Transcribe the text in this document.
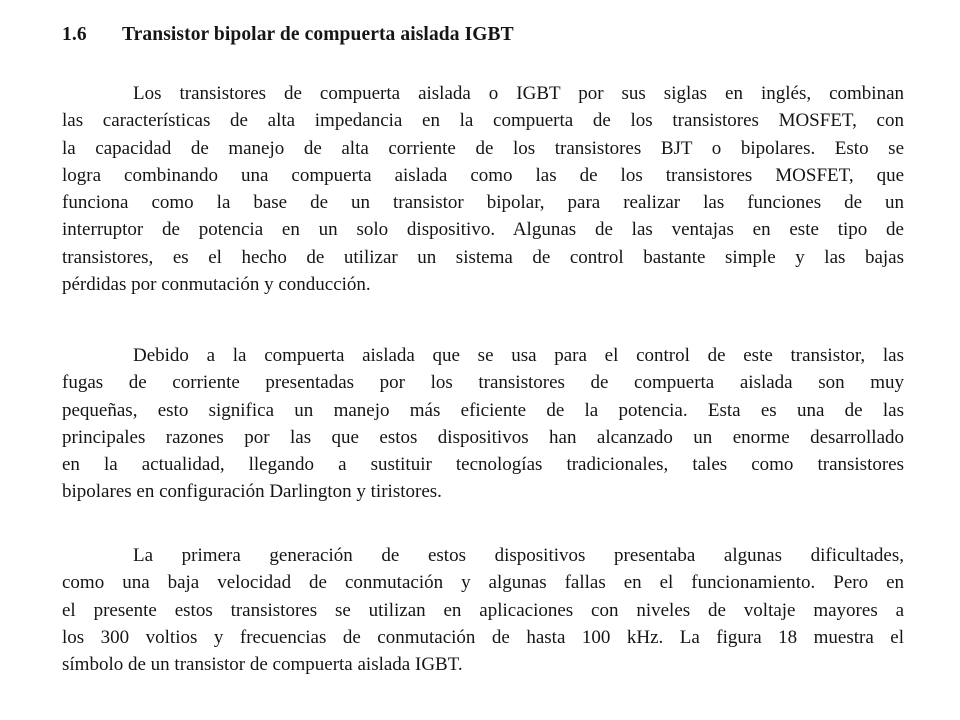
1.6 Transistor bipolar de compuerta aislada IGBT
Los transistores de compuerta aislada o IGBT por sus siglas en inglés, combinan
las características de alta impedancia en la compuerta de los transistores MOSFET, con
la capacidad de manejo de alta corriente de los transistores BJT o bipolares. Esto se
logra combinando una compuerta aislada como las de los transistores MOSFET, que
funciona como la base de un transistor bipolar, para realizar las funciones de un
interruptor de potencia en un solo dispositivo. Algunas de las ventajas en este tipo de
transistores, es el hecho de utilizar un sistema de control bastante simple y las bajas
pérdidas por conmutación y conducción.
Debido a la compuerta aislada que se usa para el control de este transistor, las
fugas de corriente presentadas por los transistores de compuerta aislada son muy
pequeñas, esto significa un manejo más eficiente de la potencia. Esta es una de las
principales razones por las que estos dispositivos han alcanzado un enorme desarrollado
en la actualidad, llegando a sustituir tecnologías tradicionales, tales como transistores
bipolares en configuración Darlington y tiristores.
La primera generación de estos dispositivos presentaba algunas dificultades,
como una baja velocidad de conmutación y algunas fallas en el funcionamiento. Pero en
el presente estos transistores se utilizan en aplicaciones con niveles de voltaje mayores a
los 300 voltios y frecuencias de conmutación de hasta 100 kHz. La figura 18 muestra el
símbolo de un transistor de compuerta aislada IGBT.
